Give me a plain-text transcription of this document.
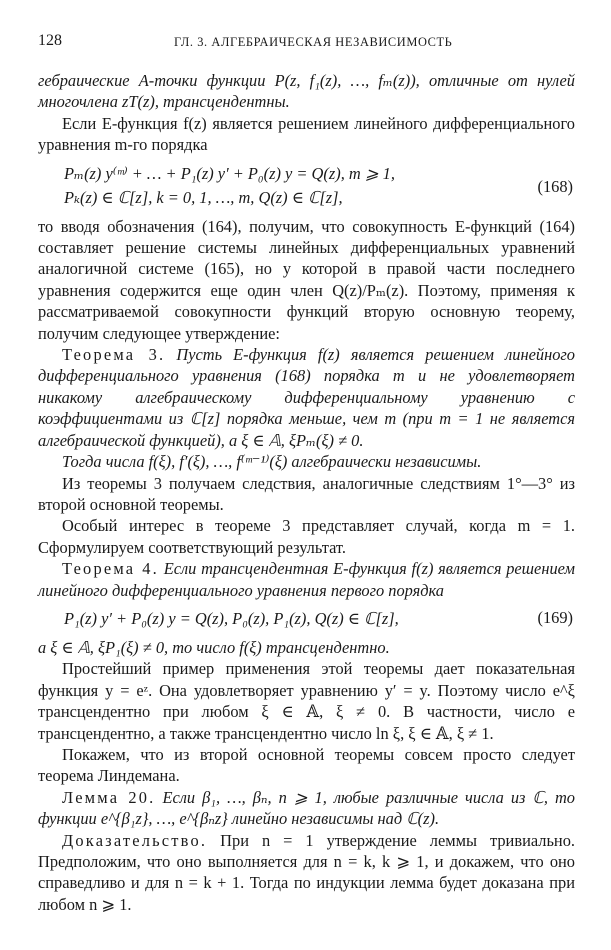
128	ГЛ. 3. АЛГЕБРАИЧЕСКАЯ НЕЗАВИСИМОСТЬ

гебраические A-точки функции P(z, f₁(z), …, fₘ(z)), отличные от нулей многочлена zT(z), трансцендентны.

Если E-функция f(z) является решением линейного дифференциального уравнения m-го порядка

Pₘ(z) y⁽ᵐ⁾ + … + P₁(z) y′ + P₀(z) y = Q(z), m ⩾ 1,
Pₖ(z) ∈ ℂ[z], k = 0, 1, …, m, Q(z) ∈ ℂ[z],
(168)

то вводя обозначения (164), получим, что совокупность E-функций (164) составляет решение системы линейных дифференциальных уравнений аналогичной системе (165), но у которой в правой части последнего уравнения содержится еще один член Q(z)/Pₘ(z). Поэтому, применяя к рассматриваемой совокупности функций вторую основную теорему, получим следующее утверждение:

Теорема 3. Пусть E-функция f(z) является решением линейного дифференциального уравнения (168) порядка m и не удовлетворяет никакому алгебраическому дифференциальному уравнению с коэффициентами из ℂ[z] порядка меньше, чем m (при m = 1 не является алгебраической функцией), а ξ ∈ 𝔸, ξPₘ(ξ) ≠ 0.

Тогда числа f(ξ), f′(ξ), …, f⁽ᵐ⁻¹⁾(ξ) алгебраически независимы.

Из теоремы 3 получаем следствия, аналогичные следствиям 1°—3° из второй основной теоремы.

Особый интерес в теореме 3 представляет случай, когда m = 1. Сформулируем соответствующий результат.

Теорема 4. Если трансцендентная E-функция f(z) является решением линейного дифференциального уравнения первого порядка

P₁(z) y′ + P₀(z) y = Q(z), P₀(z), P₁(z), Q(z) ∈ ℂ[z],	(169)

а ξ ∈ 𝔸, ξP₁(ξ) ≠ 0, то число f(ξ) трансцендентно.

Простейший пример применения этой теоремы дает показательная функция y = eᶻ. Она удовлетворяет уравнению y′ = y. Поэтому число e^ξ трансцендентно при любом ξ ∈ 𝔸, ξ ≠ 0. В частности, число e трансцендентно, а также трансцендентно число ln ξ, ξ ∈ 𝔸, ξ ≠ 1.

Покажем, что из второй основной теоремы совсем просто следует теорема Линдемана.

Лемма 20. Если β₁, …, βₙ, n ⩾ 1, любые различные числа из ℂ, то функции e^{β₁z}, …, e^{βₙz} линейно независимы над ℂ(z).

Доказательство. При n = 1 утверждение леммы тривиально. Предположим, что оно выполняется для n = k, k ⩾ 1, и докажем, что оно справедливо и для n = k + 1. Тогда по индукции лемма будет доказана при любом n ⩾ 1.
